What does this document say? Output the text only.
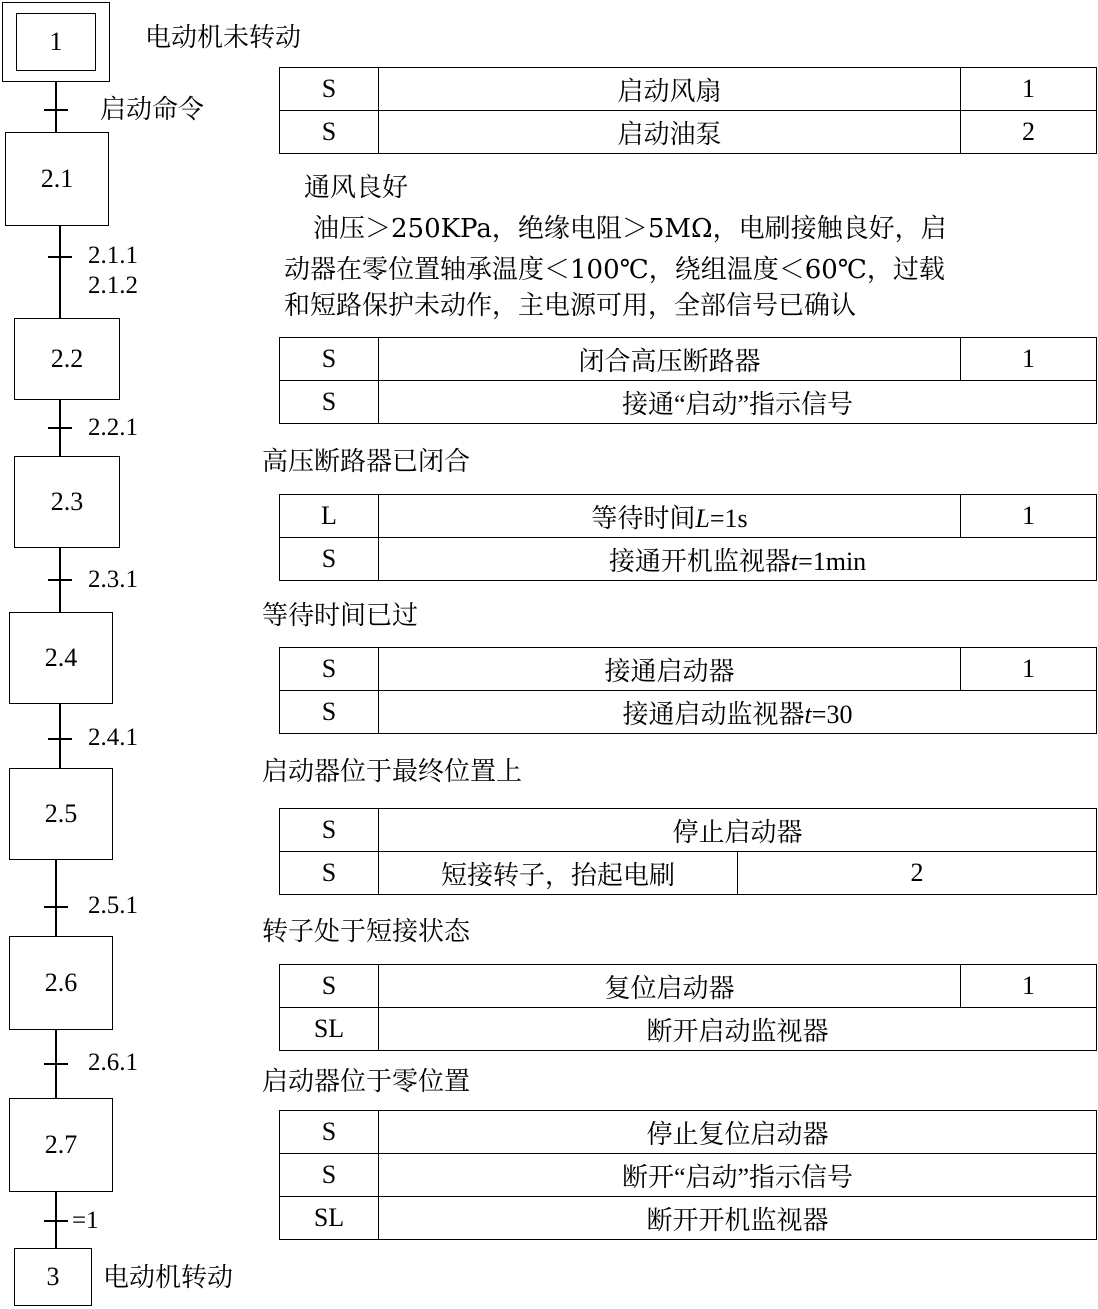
1
2.1
2.2
2.3
2.4
2.5
2.6
2.7
3
电动机未转动
电动机转动
启动命令
2.1.1
2.1.2
2.2.1
2.3.1
2.4.1
2.5.1
2.6.1
=1
通风良好
油压＞250KPa，绝缘电阻＞5MΩ，电刷接触良好，启
动器在零位置轴承温度＜100℃，绕组温度＜60℃，过载
和短路保护未动作，主电源可用，全部信号已确认
高压断路器已闭合
等待时间已过
启动器位于最终位置上
转子处于短接状态
启动器位于零位置
S	启动风扇	1
S	启动油泵	2
S	闭合高压断路器	1
S	接通“启动”指示信号	
L	等待时间L=1s	1
S	接通开机监视器t=1min	
S	接通启动器	1
S	接通启动监视器t=30	
S	停止启动器	
S	短接转子，抬起电刷	2
S	复位启动器	1
SL	断开启动监视器	
S	停止复位启动器
S	断开“启动”指示信号
SL	断开开机监视器
